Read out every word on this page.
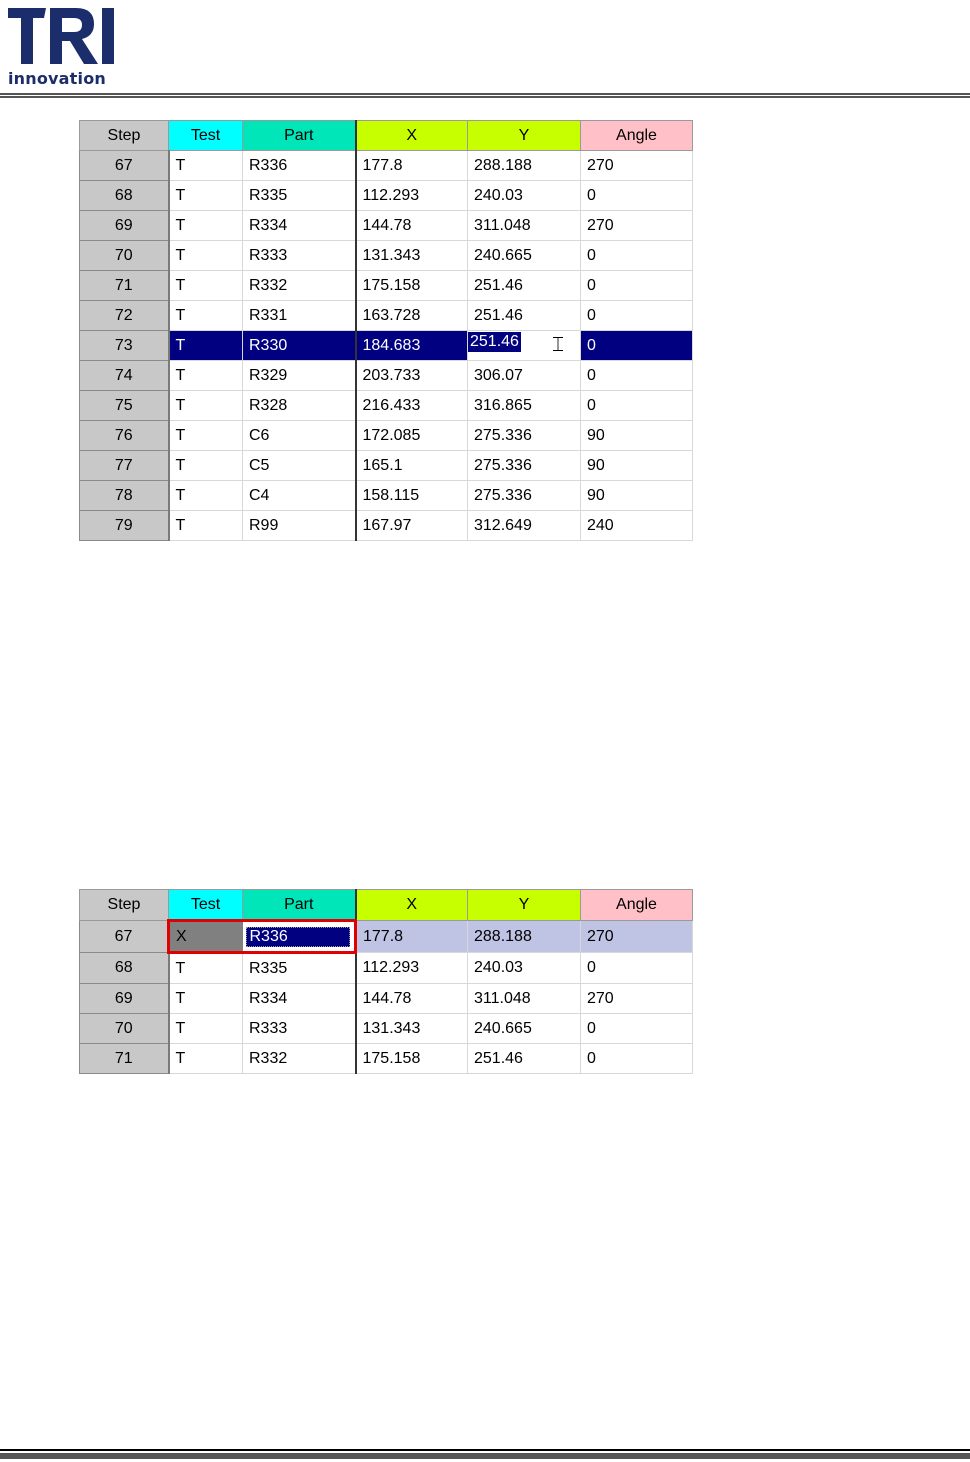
innovation
Step	Test	Part	X	Y	Angle
67	T	R336	177.8	288.188	270
68	T	R335	112.293	240.03	0
69	T	R334	144.78	311.048	270
70	T	R333	131.343	240.665	0
71	T	R332	175.158	251.46	0
72	T	R331	163.728	251.46	0
73	T	R330	184.683	251.46 ⌶	0
74	T	R329	203.733	306.07	0
75	T	R328	216.433	316.865	0
76	T	C6	172.085	275.336	90
77	T	C5	165.1	275.336	90
78	T	C4	158.115	275.336	90
79	T	R99	167.97	312.649	240
Step	Test	Part	X	Y	Angle
67	X	R336	177.8	288.188	270
68	T	R335	112.293	240.03	0
69	T	R334	144.78	311.048	270
70	T	R333	131.343	240.665	0
71	T	R332	175.158	251.46	0
